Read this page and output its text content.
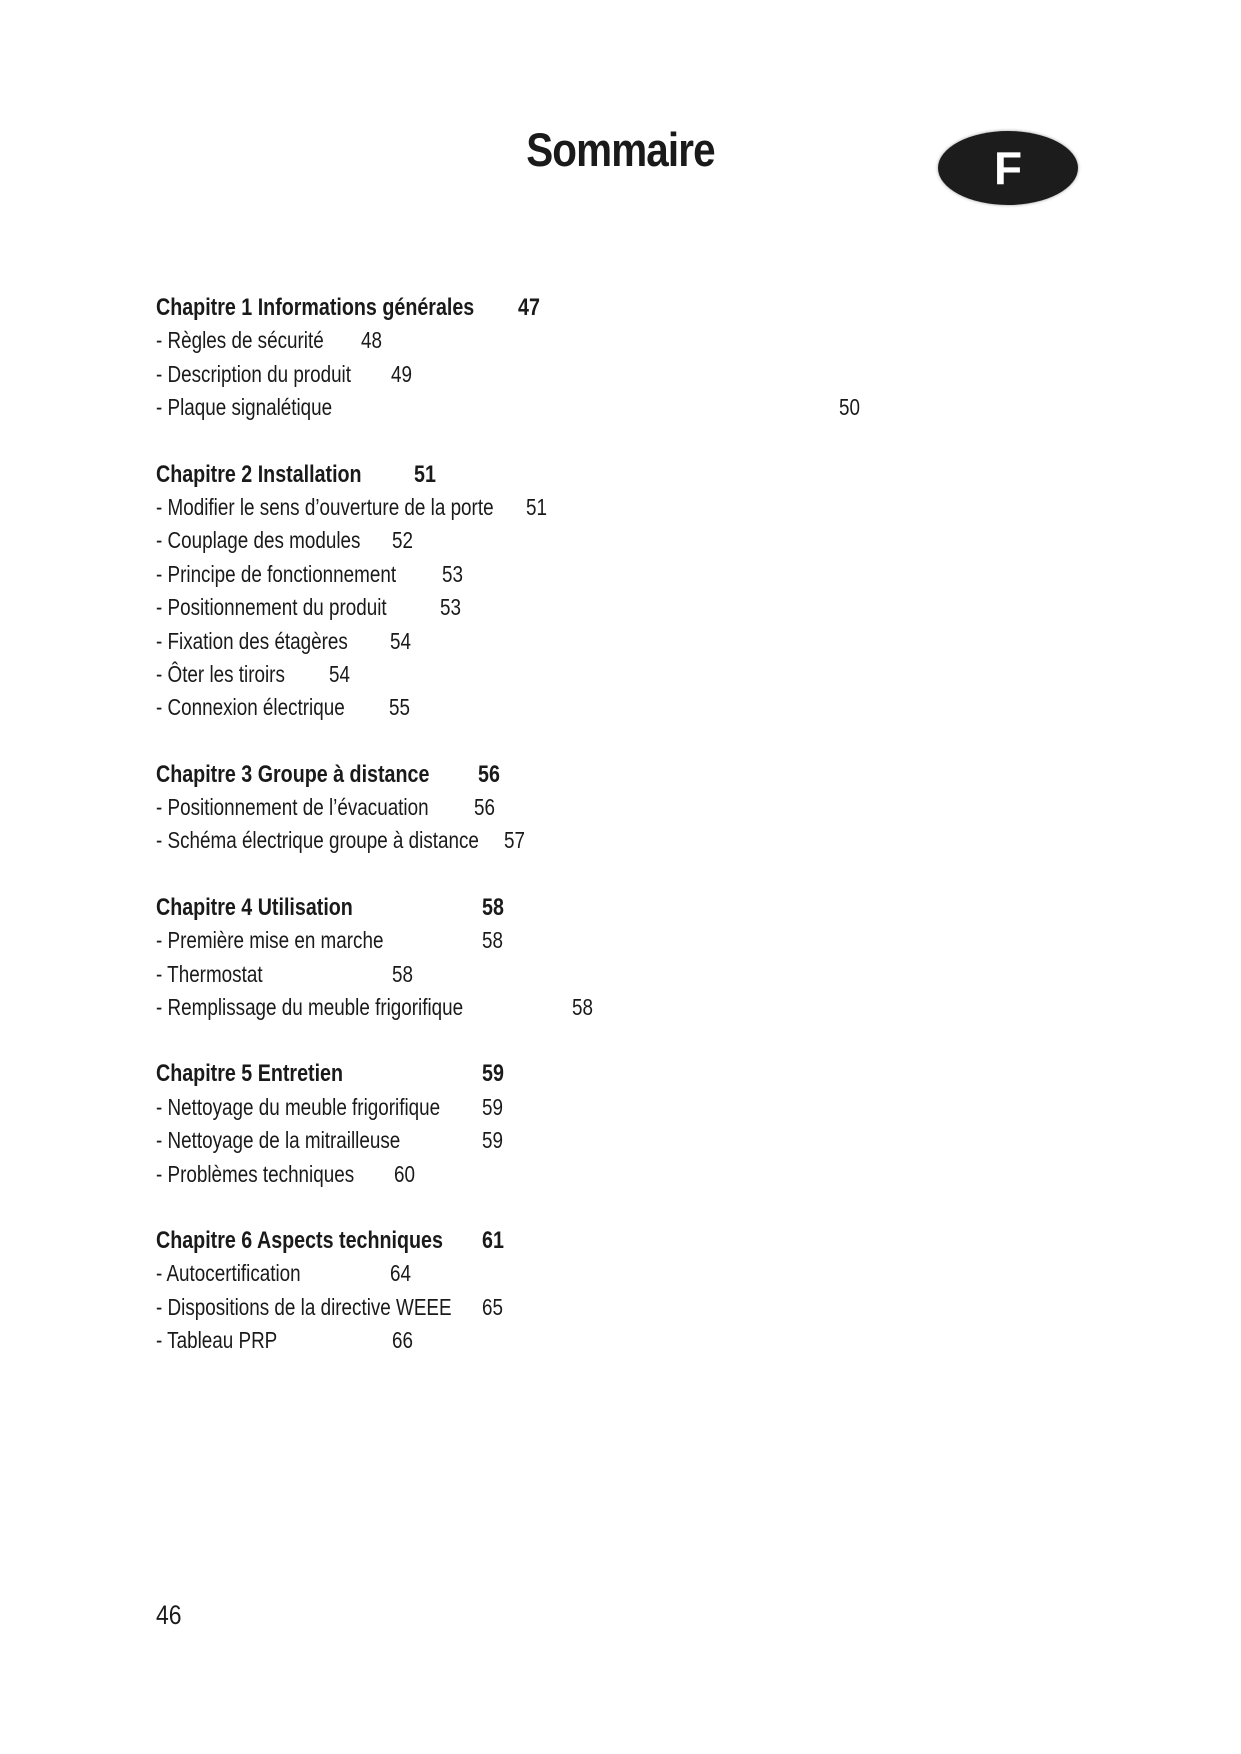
Sommaire	F
Chapitre 1 Informations générales 47
- Règles de sécurité 48
- Description du produit 49
- Plaque signalétique	50
Chapitre 2 Installation 51
- Modifier le sens d’ouverture de la porte 51
- Couplage des modules 52
- Principe de fonctionnement 53
- Positionnement du produit 53
- Fixation des étagères 54
- Ôter les tiroirs 54
- Connexion électrique 55
Chapitre 3 Groupe à distance 56
- Positionnement de l’évacuation 56
- Schéma électrique groupe à distance 57
Chapitre 4 Utilisation	58
- Première mise en marche	58
- Thermostat	58
- Remplissage du meuble frigorifique	58
Chapitre 5 Entretien	59
- Nettoyage du meuble frigorifique 59
- Nettoyage de la mitrailleuse	59
- Problèmes techniques 60
Chapitre 6 Aspects techniques 61
- Autocertification	64
- Dispositions de la directive WEEE 65
- Tableau PRP	66
46
